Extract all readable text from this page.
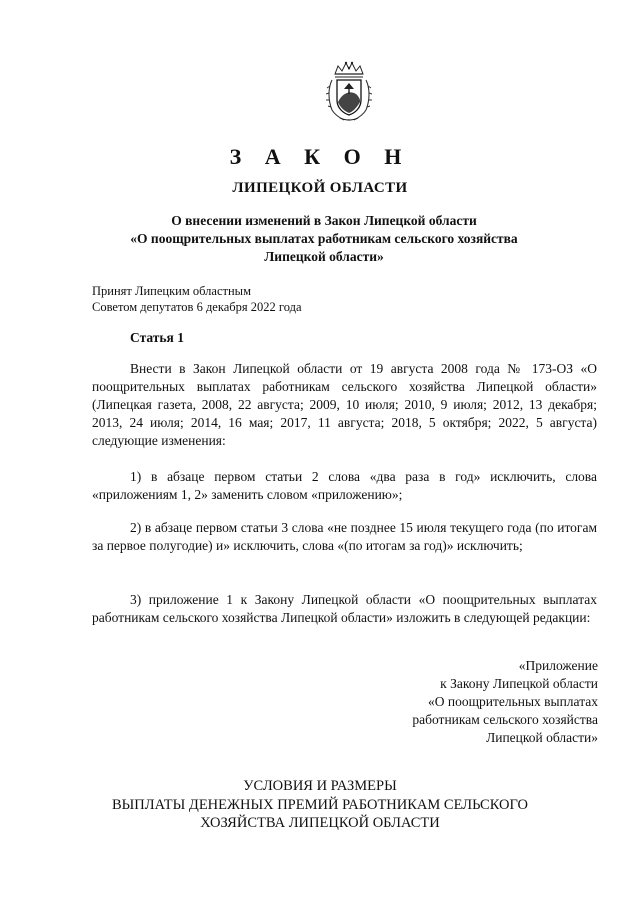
З А К О Н
ЛИПЕЦКОЙ ОБЛАСТИ
О внесении изменений в Закон Липецкой области
«О поощрительных выплатах работникам сельского хозяйства
Липецкой области»
Принят Липецким областным
Советом депутатов 6 декабря 2022 года
Статья 1
Внести в Закон Липецкой области от 19 августа 2008 года № 173-ОЗ «О поощрительных выплатах работникам сельского хозяйства Липецкой области» (Липецкая газета, 2008, 22 августа; 2009, 10 июля; 2010, 9 июля; 2012, 13 декабря; 2013, 24 июля; 2014, 16 мая; 2017, 11 августа; 2018, 5 октября; 2022, 5 августа) следующие изменения:
1) в абзаце первом статьи 2 слова «два раза в год» исключить, слова «приложениям 1, 2» заменить словом «приложению»;
2) в абзаце первом статьи 3 слова «не позднее 15 июля текущего года (по итогам за первое полугодие) и» исключить, слова «(по итогам за год)» исключить;
3) приложение 1 к Закону Липецкой области «О поощрительных выплатах работникам сельского хозяйства Липецкой области» изложить в следующей редакции:
«Приложение
к Закону Липецкой области
«О поощрительных выплатах
работникам сельского хозяйства
Липецкой области»
УСЛОВИЯ И РАЗМЕРЫ
ВЫПЛАТЫ ДЕНЕЖНЫХ ПРЕМИЙ РАБОТНИКАМ СЕЛЬСКОГО
ХОЗЯЙСТВА ЛИПЕЦКОЙ ОБЛАСТИ
